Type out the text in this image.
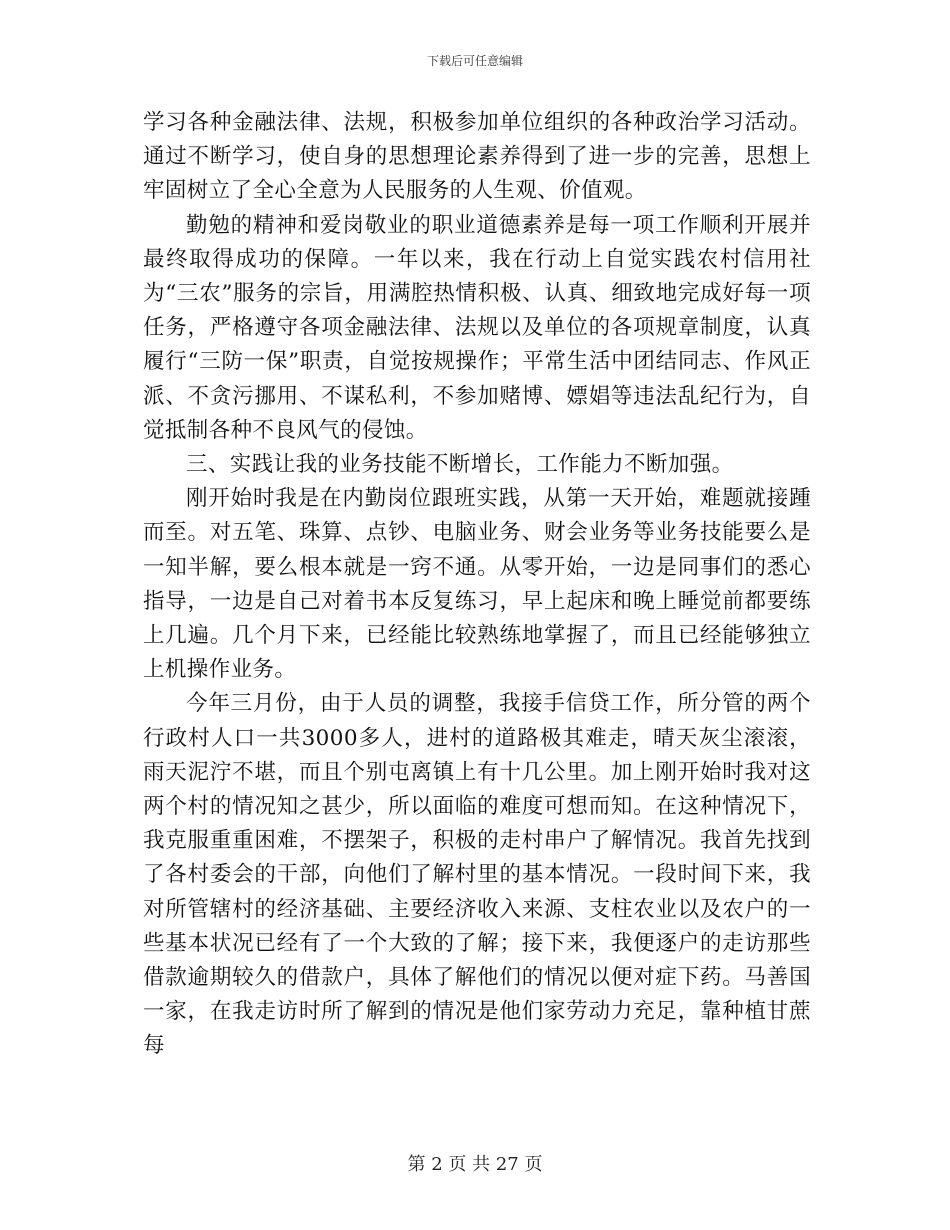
下载后可任意编辑

学习各种金融法律、法规，积极参加单位组织的各种政治学习活动。通过不断学习，使自身的思想理论素养得到了进一步的完善，思想上牢固树立了全心全意为人民服务的人生观、价值观。

勤勉的精神和爱岗敬业的职业道德素养是每一项工作顺利开展并最终取得成功的保障。一年以来，我在行动上自觉实践农村信用社为“三农”服务的宗旨，用满腔热情积极、认真、细致地完成好每一项任务，严格遵守各项金融法律、法规以及单位的各项规章制度，认真履行“三防一保”职责，自觉按规操作；平常生活中团结同志、作风正派、不贪污挪用、不谋私利，不参加赌博、嫖娼等违法乱纪行为，自觉抵制各种不良风气的侵蚀。

三、实践让我的业务技能不断增长，工作能力不断加强。

刚开始时我是在内勤岗位跟班实践，从第一天开始，难题就接踵而至。对五笔、珠算、点钞、电脑业务、财会业务等业务技能要么是一知半解，要么根本就是一窍不通。从零开始，一边是同事们的悉心指导，一边是自己对着书本反复练习，早上起床和晚上睡觉前都要练上几遍。几个月下来，已经能比较熟练地掌握了，而且已经能够独立上机操作业务。

今年三月份，由于人员的调整，我接手信贷工作，所分管的两个行政村人口一共3000多人，进村的道路极其难走，晴天灰尘滚滚，雨天泥泞不堪，而且个别屯离镇上有十几公里。加上刚开始时我对这两个村的情况知之甚少，所以面临的难度可想而知。在这种情况下，我克服重重困难，不摆架子，积极的走村串户了解情况。我首先找到了各村委会的干部，向他们了解村里的基本情况。一段时间下来，我对所管辖村的经济基础、主要经济收入来源、支柱农业以及农户的一些基本状况已经有了一个大致的了解；接下来，我便逐户的走访那些借款逾期较久的借款户，具体了解他们的情况以便对症下药。马善国一家，在我走访时所了解到的情况是他们家劳动力充足，靠种植甘蔗每

第 2 页 共 27 页
